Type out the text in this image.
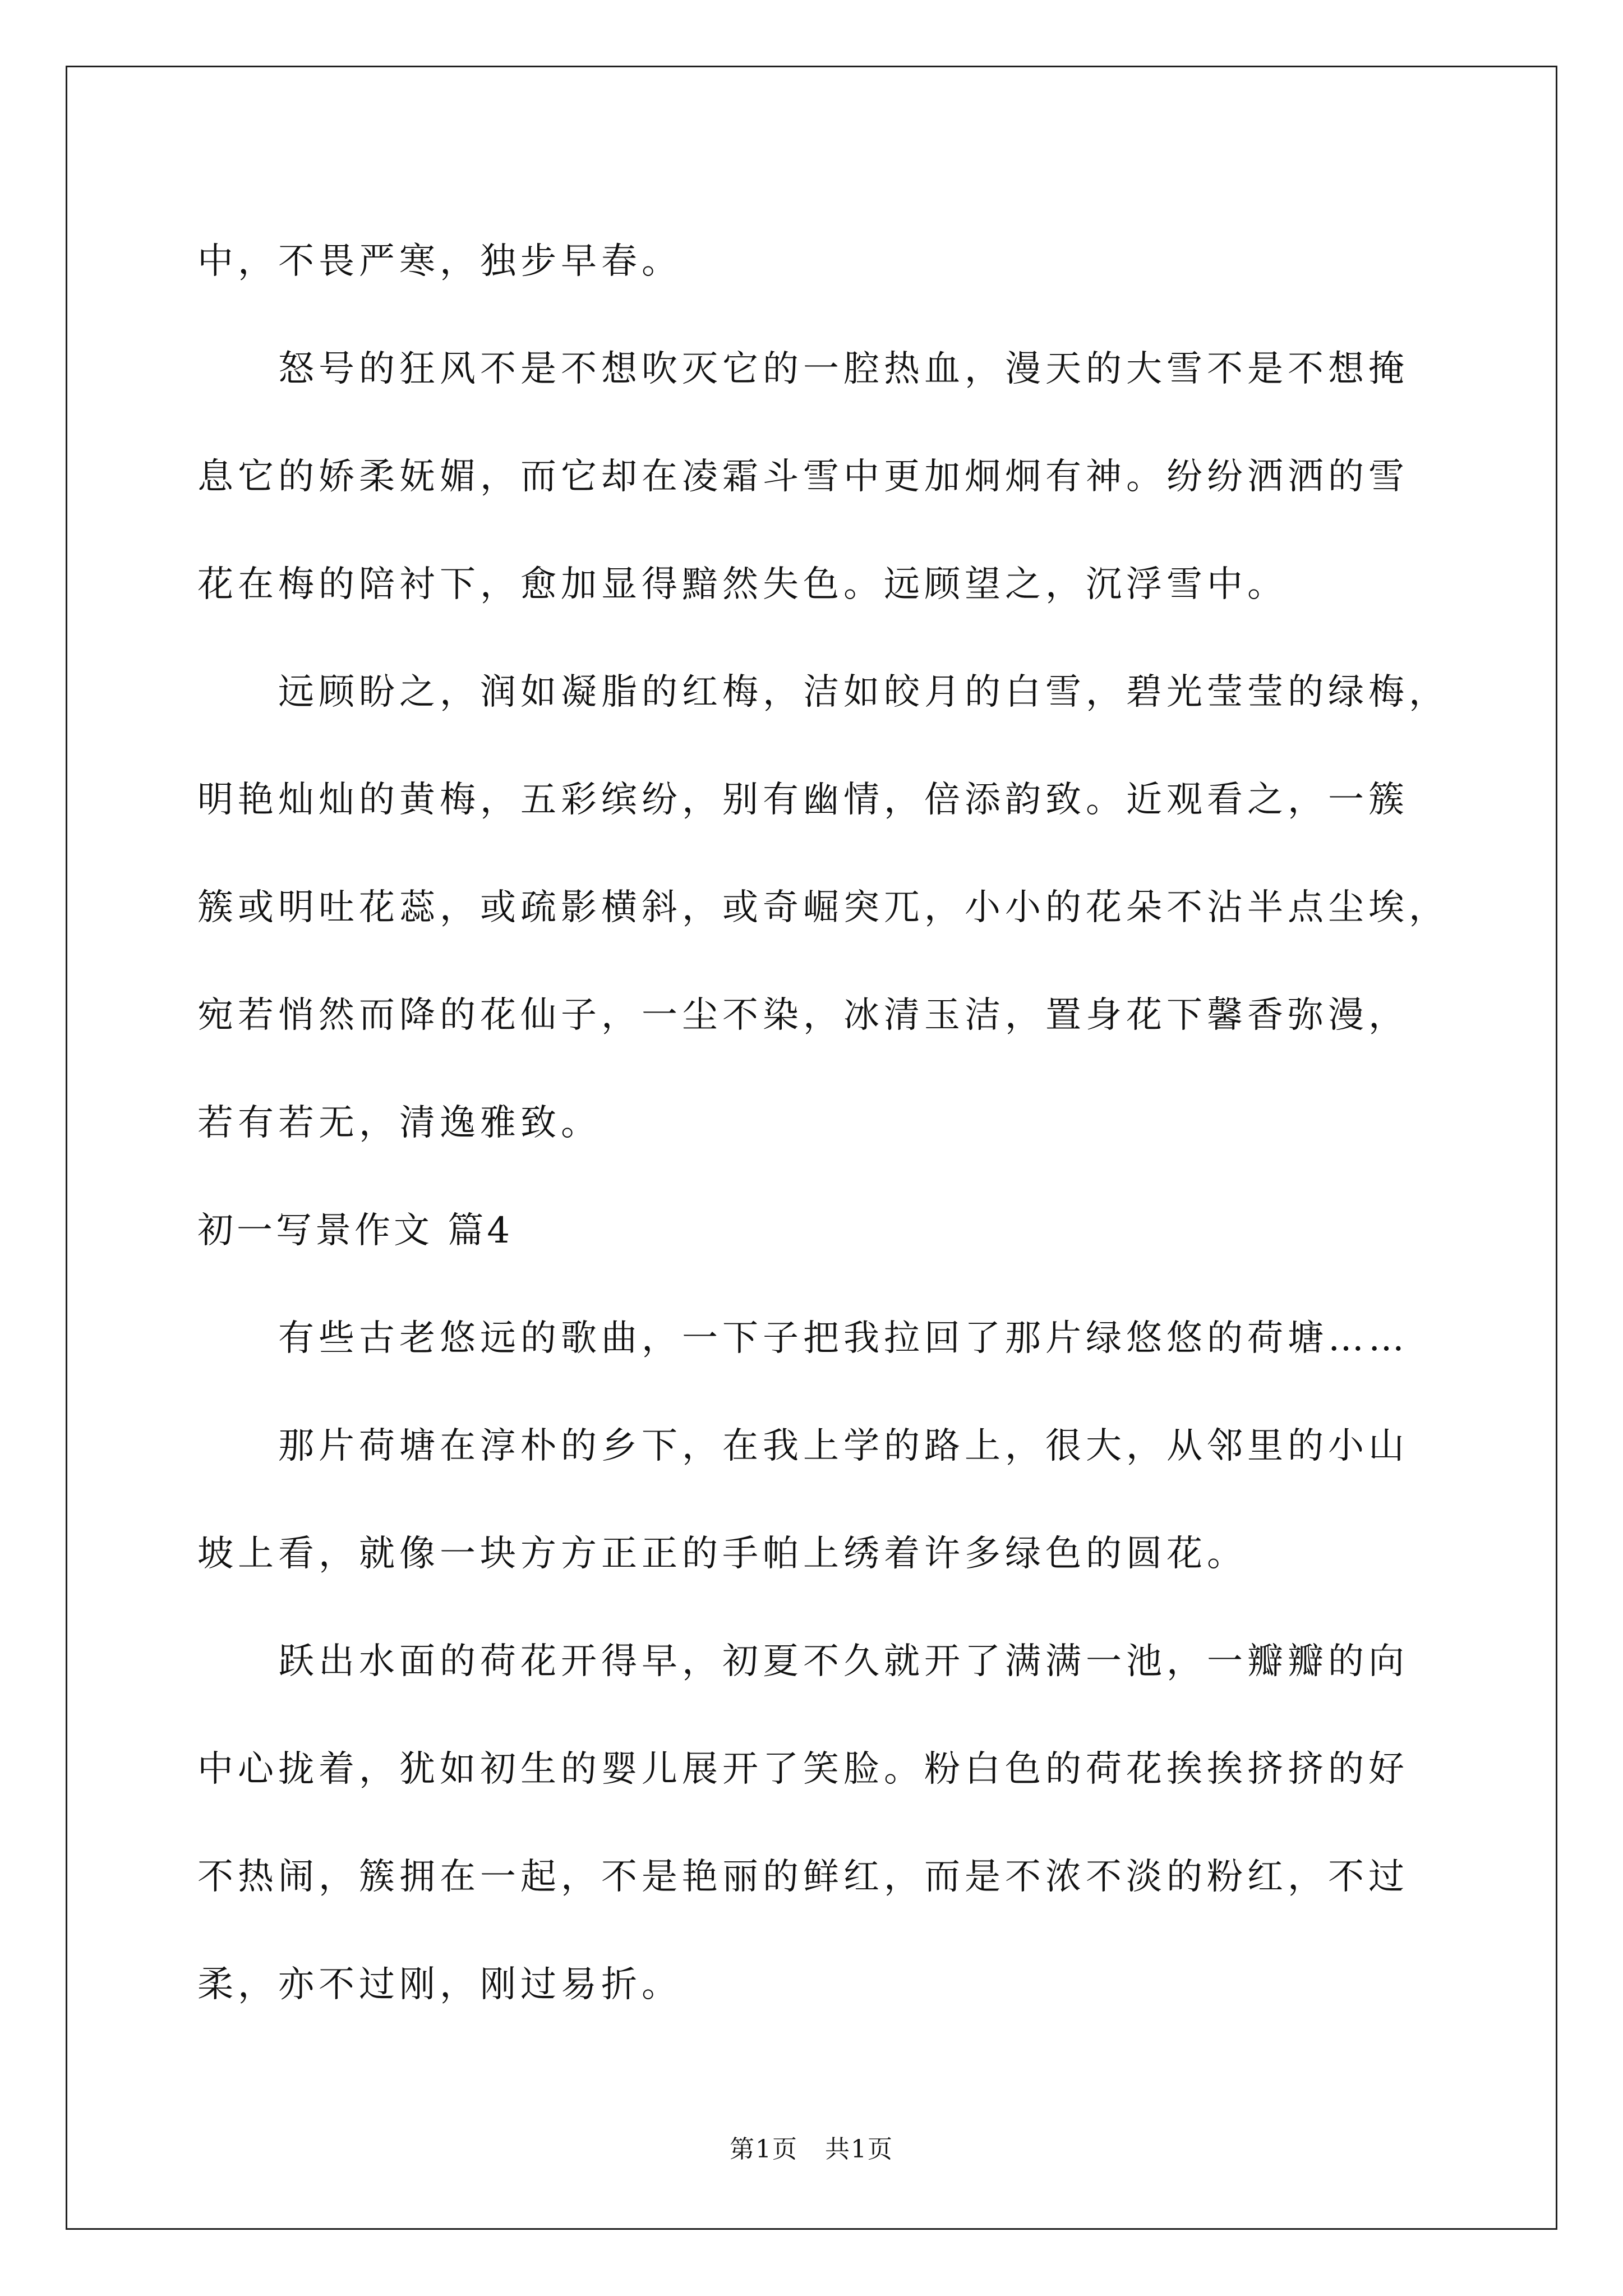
中，不畏严寒，独步早春。
怒号的狂风不是不想吹灭它的一腔热血，漫天的大雪不是不想掩
息它的娇柔妩媚，而它却在凌霜斗雪中更加炯炯有神。纷纷洒洒的雪
花在梅的陪衬下，愈加显得黯然失色。远顾望之，沉浮雪中。
远顾盼之，润如凝脂的红梅，洁如皎月的白雪，碧光莹莹的绿梅，
明艳灿灿的黄梅，五彩缤纷，别有幽情，倍添韵致。近观看之，一簇
簇或明吐花蕊，或疏影横斜，或奇崛突兀，小小的花朵不沾半点尘埃，
宛若悄然而降的花仙子，一尘不染，冰清玉洁，置身花下馨香弥漫，
若有若无，清逸雅致。
初一写景作文 篇4
有些古老悠远的歌曲，一下子把我拉回了那片绿悠悠的荷塘……
那片荷塘在淳朴的乡下，在我上学的路上，很大，从邻里的小山
坡上看，就像一块方方正正的手帕上绣着许多绿色的圆花。
跃出水面的荷花开得早，初夏不久就开了满满一池，一瓣瓣的向
中心拢着，犹如初生的婴儿展开了笑脸。粉白色的荷花挨挨挤挤的好
不热闹，簇拥在一起，不是艳丽的鲜红，而是不浓不淡的粉红，不过
柔，亦不过刚，刚过易折。
第1页   共1页
